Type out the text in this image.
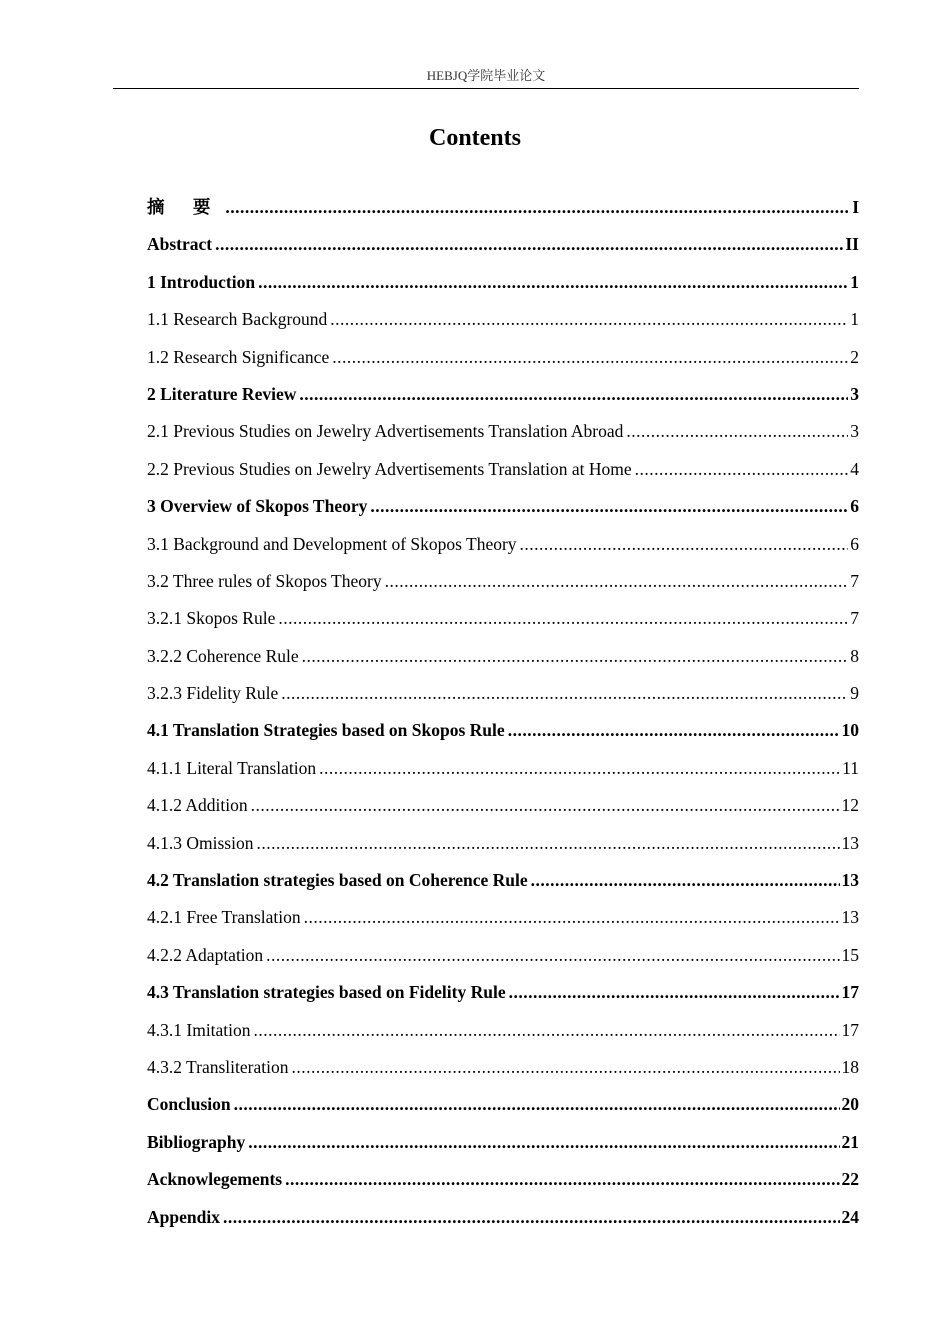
HEBJQ学院毕业论文
Contents
摘 要 .....	I
Abstract .....	II
1 Introduction .....	1
1.1 Research Background .....	1
1.2 Research Significance .....	2
2 Literature Review .....	3
2.1 Previous Studies on Jewelry Advertisements Translation Abroad .....	3
2.2 Previous Studies on Jewelry Advertisements Translation at Home .....	4
3 Overview of Skopos Theory .....	6
3.1 Background and Development of Skopos Theory .....	6
3.2 Three rules of Skopos Theory .....	7
3.2.1 Skopos Rule .....	7
3.2.2 Coherence Rule .....	8
3.2.3 Fidelity Rule .....	9
4.1 Translation Strategies based on Skopos Rule .....	10
4.1.1 Literal Translation .....	11
4.1.2 Addition .....	12
4.1.3 Omission .....	13
4.2 Translation strategies based on Coherence Rule .....	13
4.2.1 Free Translation .....	13
4.2.2 Adaptation .....	15
4.3 Translation strategies based on Fidelity Rule .....	17
4.3.1 Imitation .....	17
4.3.2 Transliteration .....	18
Conclusion .....	20
Bibliography .....	21
Acknowlegements .....	22
Appendix .....	24
